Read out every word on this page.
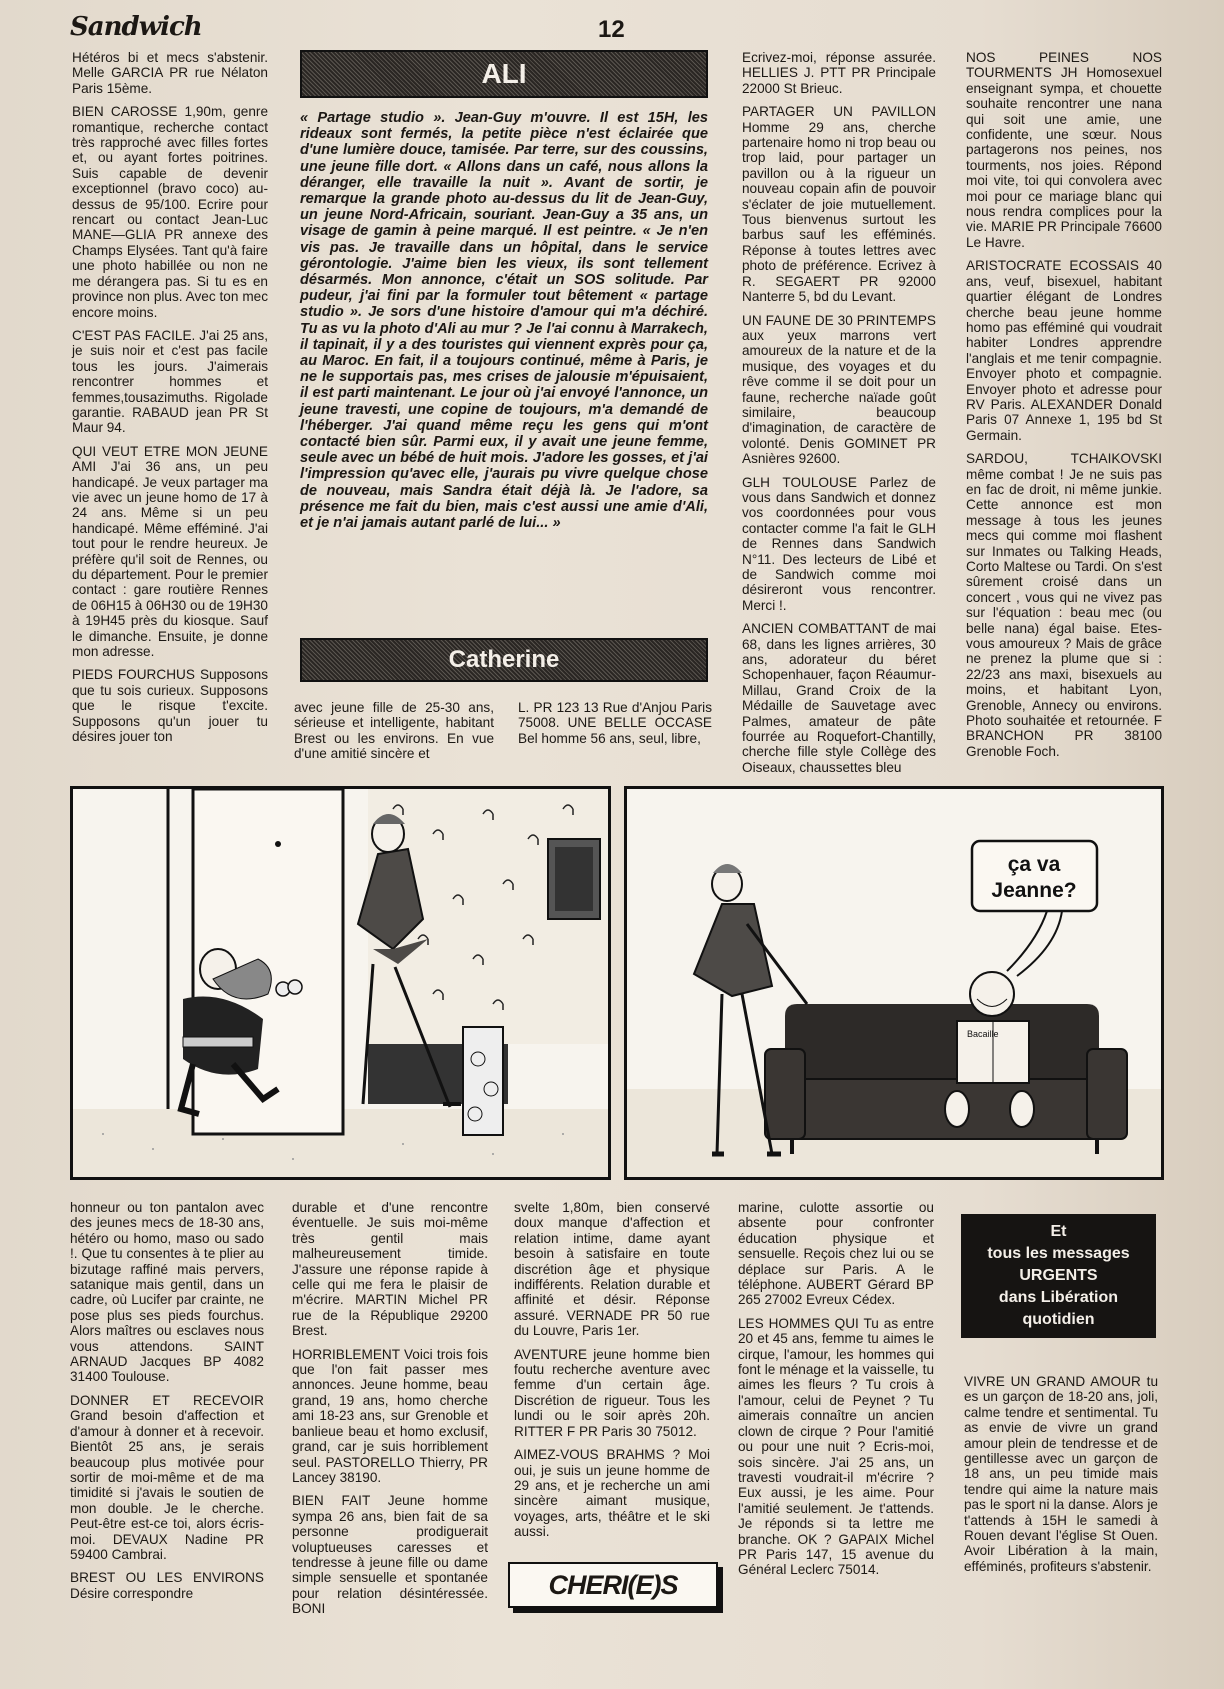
Sandwich	12

Hétéros bi et mecs s'abstenir. Melle GARCIA PR rue Nélaton Paris 15ème.

BIEN CAROSSE 1,90m, genre romantique, recherche contact très rapproché avec filles fortes et, ou ayant fortes poitrines. Suis capable de devenir exceptionnel (bravo coco) au-dessus de 95/100. Ecrire pour rencart ou contact Jean-Luc MANE—GLIA PR annexe des Champs Elysées. Tant qu'à faire une photo habillée ou non ne me dérangera pas. Si tu es en province non plus. Avec ton mec encore moins.

C'EST PAS FACILE. J'ai 25 ans, je suis noir et c'est pas facile tous les jours. J'aimerais rencontrer hommes et femmes,tousazimuths. Rigolade garantie. RABAUD jean PR St Maur 94.

QUI VEUT ETRE MON JEUNE AMI J'ai 36 ans, un peu handicapé. Je veux partager ma vie avec un jeune homo de 17 à 24 ans. Même si un peu handicapé. Même efféminé. J'ai tout pour le rendre heureux. Je préfère qu'il soit de Rennes, ou du département. Pour le premier contact : gare routière Rennes de 06H15 à 06H30 ou de 19H30 à 19H45 près du kiosque. Sauf le dimanche. Ensuite, je donne mon adresse.

PIEDS FOURCHUS Supposons que tu sois curieux. Supposons que le risque t'excite. Supposons qu'un jouer tu désires jouer ton

ALI
« Partage studio ». Jean-Guy m'ouvre. Il est 15H, les rideaux sont fermés, la petite pièce n'est éclairée que d'une lumière douce, tamisée. Par terre, sur des coussins, une jeune fille dort. « Allons dans un café, nous allons la déranger, elle travaille la nuit ». Avant de sortir, je remarque la grande photo au-dessus du lit de Jean-Guy, un jeune Nord-Africain, souriant. Jean-Guy a 35 ans, un visage de gamin à peine marqué. Il est peintre. « Je n'en vis pas. Je travaille dans un hôpital, dans le service gérontologie. J'aime bien les vieux, ils sont tellement désarmés. Mon annonce, c'était un SOS solitude. Par pudeur, j'ai fini par la formuler tout bêtement « partage studio ». Je sors d'une histoire d'amour qui m'a déchiré. Tu as vu la photo d'Ali au mur ? Je l'ai connu à Marrakech, il tapinait, il y a des touristes qui viennent exprès pour ça, au Maroc. En fait, il a toujours continué, même à Paris, je ne le supportais pas, mes crises de jalousie m'épuisaient, il est parti maintenant. Le jour où j'ai envoyé l'annonce, un jeune travesti, une copine de toujours, m'a demandé de l'héberger. J'ai quand même reçu les gens qui m'ont contacté bien sûr. Parmi eux, il y avait une jeune femme, seule avec un bébé de huit mois. J'adore les gosses, et j'ai l'impression qu'avec elle, j'aurais pu vivre quelque chose de nouveau, mais Sandra était déjà là. Je l'adore, sa présence me fait du bien, mais c'est aussi une amie d'Ali, et je n'ai jamais autant parlé de lui... »
Catherine
avec jeune fille de 25-30 ans, sérieuse et intelligente, habitant Brest ou les environs. En vue d'une amitié sincère et
L. PR 123 13 Rue d'Anjou Paris 75008. UNE BELLE OCCASE Bel homme 56 ans, seul, libre,

Ecrivez-moi, réponse assurée. HELLIES J. PTT PR Principale 22000 St Brieuc.

PARTAGER UN PAVILLON Homme 29 ans, cherche partenaire homo ni trop beau ou trop laid, pour partager un pavillon ou à la rigueur un nouveau copain afin de pouvoir s'éclater de joie mutuellement. Tous bienvenus surtout les barbus sauf les efféminés. Réponse à toutes lettres avec photo de préférence. Ecrivez à R. SEGAERT PR 92000 Nanterre 5, bd du Levant.

UN FAUNE DE 30 PRINTEMPS aux yeux marrons vert amoureux de la nature et de la musique, des voyages et du rêve comme il se doit pour un faune, recherche naïade goût similaire, beaucoup d'imagination, de caractère de volonté. Denis GOMINET PR Asnières 92600.

GLH TOULOUSE Parlez de vous dans Sandwich et donnez vos coordonnées pour vous contacter comme l'a fait le GLH de Rennes dans Sandwich N°11. Des lecteurs de Libé et de Sandwich comme moi désireront vous rencontrer. Merci !.

ANCIEN COMBATTANT de mai 68, dans les lignes arrières, 30 ans, adorateur du béret Schopenhauer, façon Réaumur-Millau, Grand Croix de la Médaille de Sauvetage avec Palmes, amateur de pâte fourrée au Roquefort-Chantilly, cherche fille style Collège des Oiseaux, chaussettes bleu

NOS PEINES NOS TOURMENTS JH Homosexuel enseignant sympa, et chouette souhaite rencontrer une nana qui soit une amie, une confidente, une sœur. Nous partagerons nos peines, nos tourments, nos joies. Répond moi vite, toi qui convolera avec moi pour ce mariage blanc qui nous rendra complices pour la vie. MARIE PR Principale 76600 Le Havre.

ARISTOCRATE ECOSSAIS 40 ans, veuf, bisexuel, habitant quartier élégant de Londres cherche beau jeune homme homo pas efféminé qui voudrait habiter Londres apprendre l'anglais et me tenir compagnie. Envoyer photo et compagnie. Envoyer photo et adresse pour RV Paris. ALEXANDER Donald Paris 07 Annexe 1, 195 bd St Germain.

SARDOU, TCHAIKOVSKI même combat ! Je ne suis pas en fac de droit, ni même junkie. Cette annonce est mon message à tous les jeunes mecs qui comme moi flashent sur Inmates ou Talking Heads, Corto Maltese ou Tardi. On s'est sûrement croisé dans un concert , vous qui ne vivez pas sur l'équation : beau mec (ou belle nana) égal baise. Etes-vous amoureux ? Mais de grâce ne prenez la plume que si : 22/23 ans maxi, bisexuels au moins, et habitant Lyon, Grenoble, Annecy ou environs. Photo souhaitée et retournée. F BRANCHON PR 38100 Grenoble Foch.

Bacaille
ça va
Jeanne?

honneur ou ton pantalon avec des jeunes mecs de 18-30 ans, hétéro ou homo, maso ou sado !. Que tu consentes à te plier au bizutage raffiné mais pervers, satanique mais gentil, dans un cadre, où Lucifer par crainte, ne pose plus ses pieds fourchus. Alors maîtres ou esclaves nous vous attendons. SAINT ARNAUD Jacques BP 4082 31400 Toulouse.

DONNER ET RECEVOIR Grand besoin d'affection et d'amour à donner et à recevoir. Bientôt 25 ans, je serais beaucoup plus motivée pour sortir de moi-même et de ma timidité si j'avais le soutien de mon double. Je le cherche. Peut-être est-ce toi, alors écris-moi. DEVAUX Nadine PR 59400 Cambrai.

BREST OU LES ENVIRONS Désire correspondre

durable et d'une rencontre éventuelle. Je suis moi-même très gentil mais malheureusement timide. J'assure une réponse rapide à celle qui me fera le plaisir de m'écrire. MARTIN Michel PR rue de la République 29200 Brest.

HORRIBLEMENT Voici trois fois que l'on fait passer mes annonces. Jeune homme, beau grand, 19 ans, homo cherche ami 18-23 ans, sur Grenoble et banlieue beau et homo exclusif, grand, car je suis horriblement seul. PASTORELLO Thierry, PR Lancey 38190.

BIEN FAIT Jeune homme sympa 26 ans, bien fait de sa personne prodiguerait voluptueuses caresses et tendresse à jeune fille ou dame simple sensuelle et spontanée pour relation désintéressée. BONI

svelte 1,80m, bien conservé doux manque d'affection et relation intime, dame ayant besoin à satisfaire en toute discrétion âge et physique indifférents. Relation durable et affinité et désir. Réponse assuré. VERNADE PR 50 rue du Louvre, Paris 1er.

AVENTURE jeune homme bien foutu recherche aventure avec femme d'un certain âge. Discrétion de rigueur. Tous les lundi ou le soir après 20h. RITTER F PR Paris 30 75012.

AIMEZ-VOUS BRAHMS ? Moi oui, je suis un jeune homme de 29 ans, et je recherche un ami sincère aimant musique, voyages, arts, théâtre et le ski aussi.

CHERI(E)S

marine, culotte assortie ou absente pour confronter éducation physique et sensuelle. Reçois chez lui ou se déplace sur Paris. A le téléphone. AUBERT Gérard BP 265 27002 Evreux Cédex.

LES HOMMES QUI Tu as entre 20 et 45 ans, femme tu aimes le cirque, l'amour, les hommes qui font le ménage et la vaisselle, tu aimes les fleurs ? Tu crois à l'amour, celui de Peynet ? Tu aimerais connaître un ancien clown de cirque ? Pour l'amitié ou pour une nuit ? Ecris-moi, sois sincère. J'ai 25 ans, un travesti voudrait-il m'écrire ? Eux aussi, je les aime. Pour l'amitié seulement. Je t'attends. Je réponds si ta lettre me branche. OK ? GAPAIX Michel PR Paris 147, 15 avenue du Général Leclerc 75014.

Et
tous les messages
URGENTS
dans Libération
quotidien
VIVRE UN GRAND AMOUR tu es un garçon de 18-20 ans, joli, calme tendre et sentimental. Tu as envie de vivre un grand amour plein de tendresse et de gentillesse avec un garçon de 18 ans, un peu timide mais tendre qui aime la nature mais pas le sport ni la danse. Alors je t'attends à 15H le samedi à Rouen devant l'église St Ouen. Avoir Libération à la main, efféminés, profiteurs s'abstenir.
